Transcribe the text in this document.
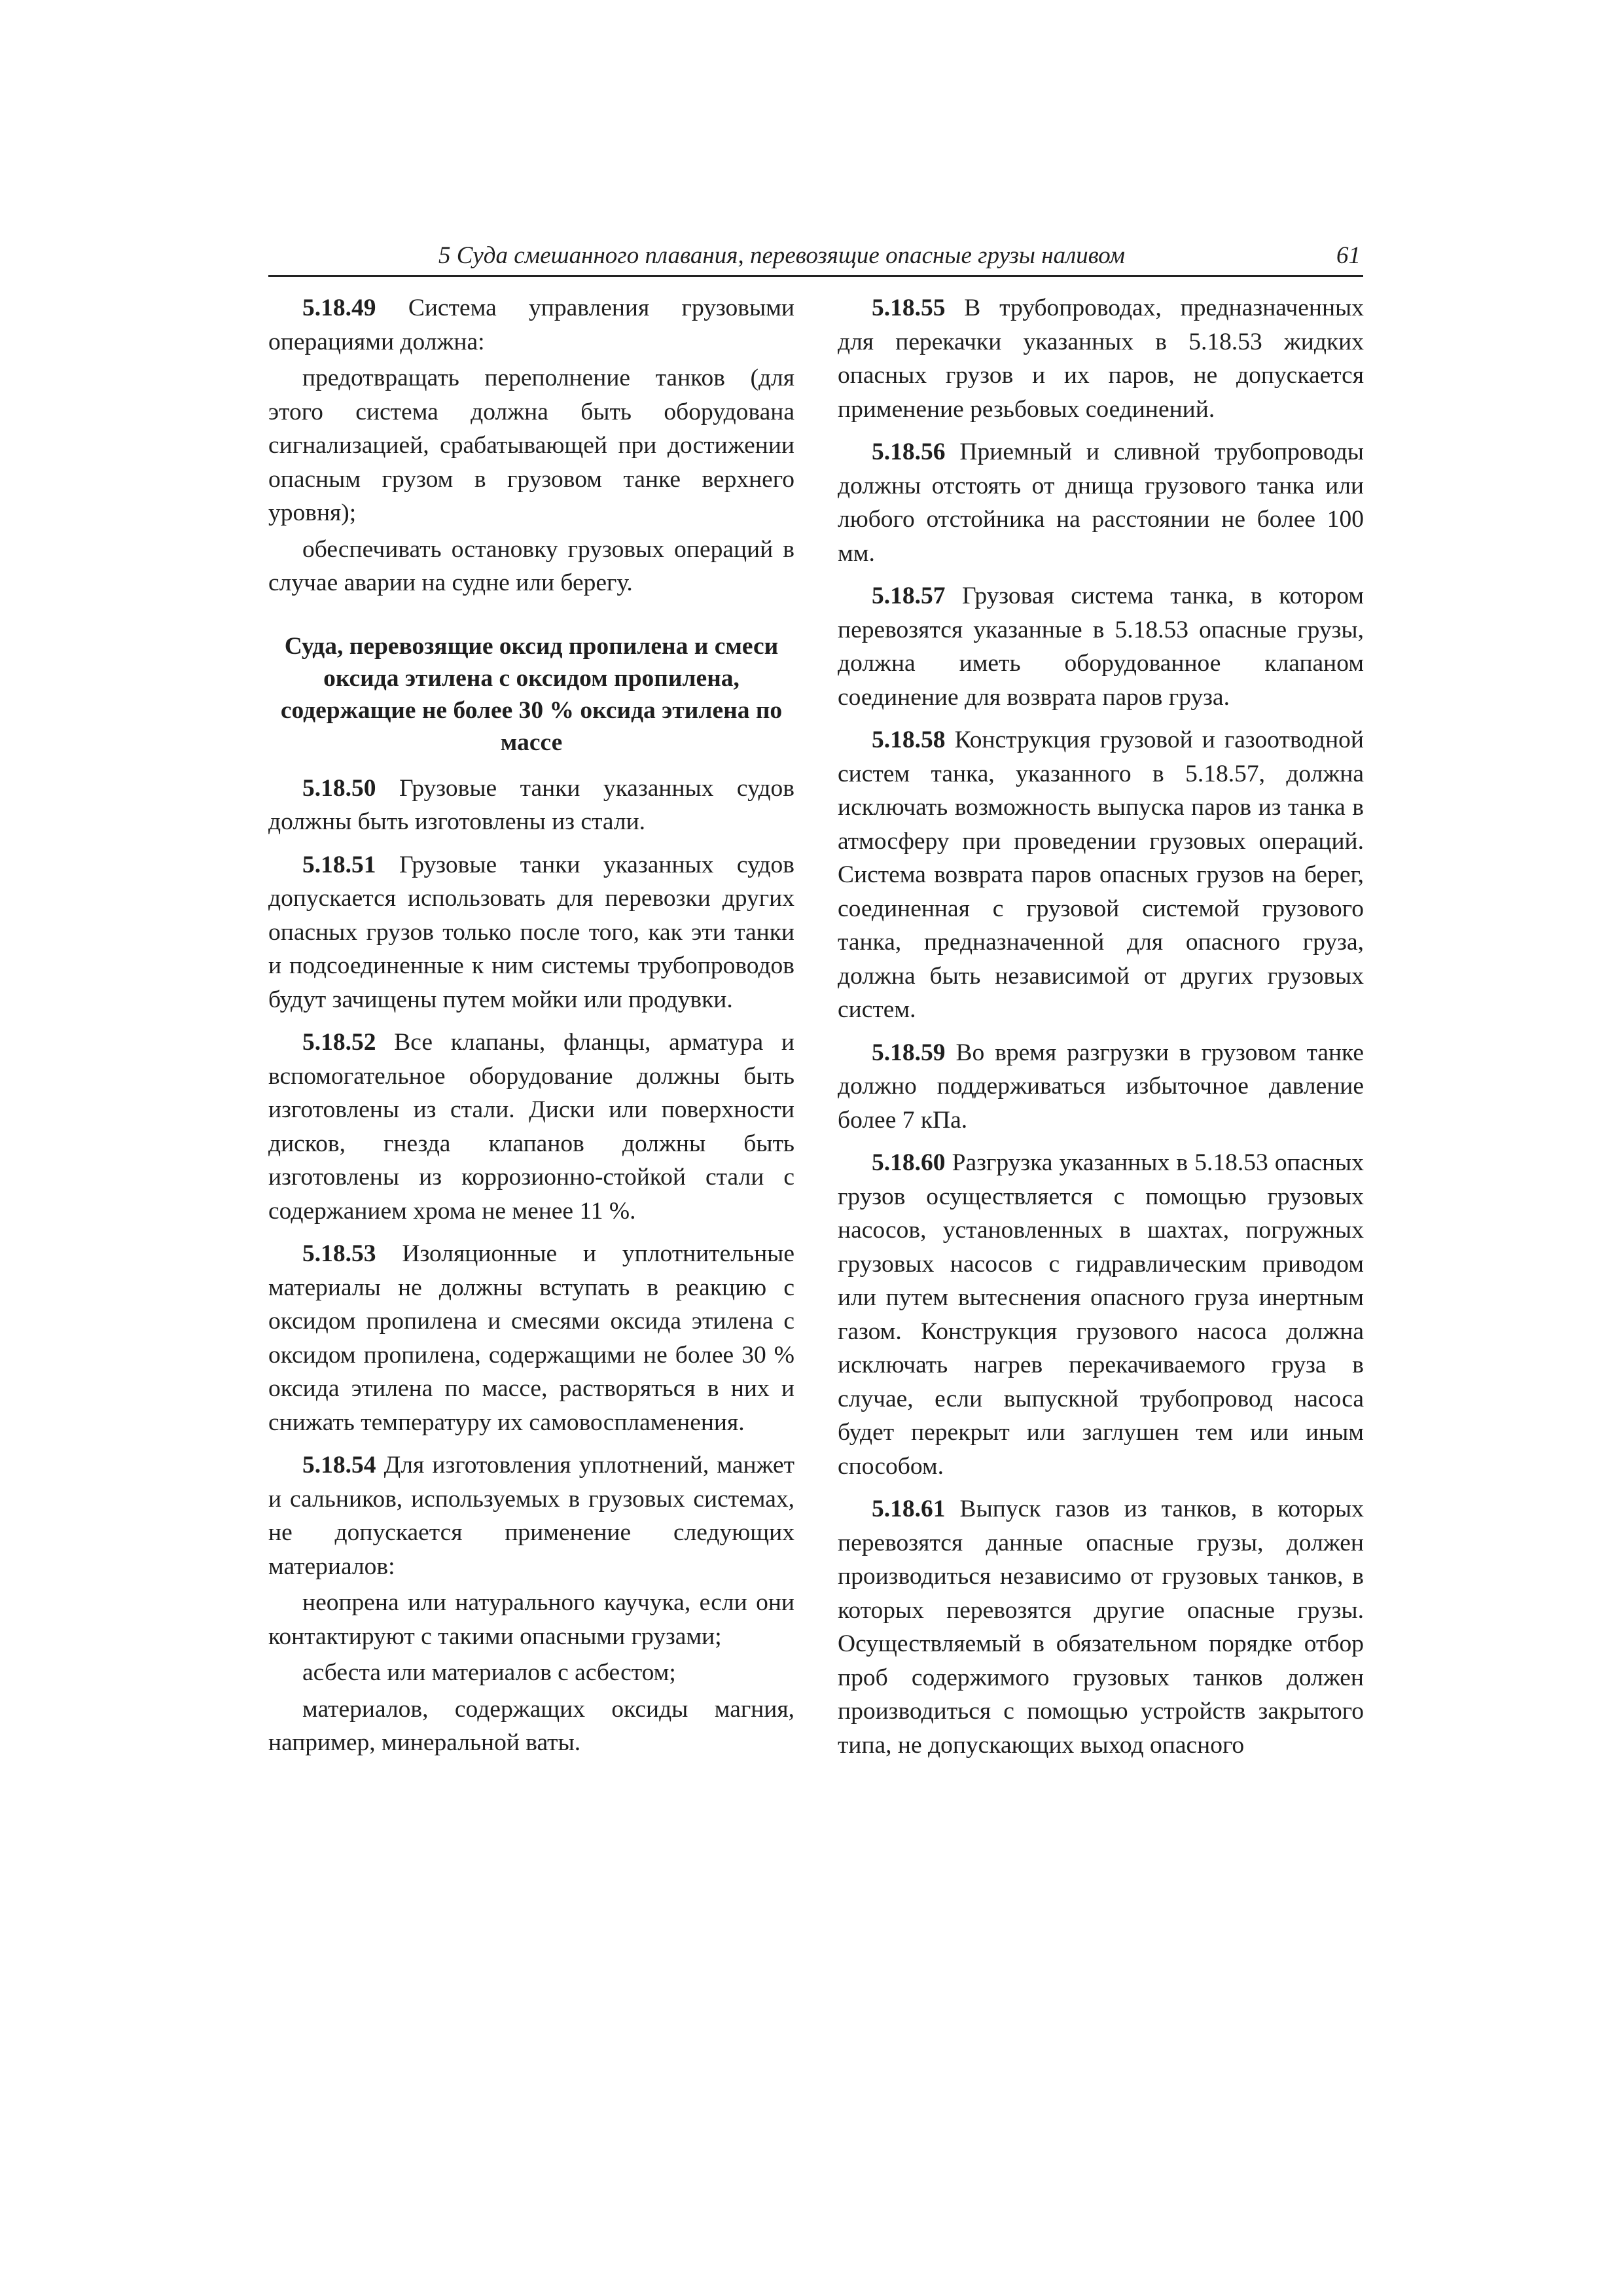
5 Суда смешанного плавания, перевозящие опасные грузы наливом	61

5.18.49 Система управления грузовыми операциями должна:

предотвращать переполнение танков (для этого система должна быть оборудована сигнализацией, срабатывающей при достижении опасным грузом в грузовом танке верхнего уровня);

обеспечивать остановку грузовых операций в случае аварии на судне или берегу.

Суда, перевозящие оксид пропилена и смеси оксида этилена с оксидом пропилена, содержащие не более 30 % оксида этилена по массе

5.18.50 Грузовые танки указанных судов должны быть изготовлены из стали.

5.18.51 Грузовые танки указанных судов допускается использовать для перевозки других опасных грузов только после того, как эти танки и подсоединенные к ним системы трубопроводов будут зачищены путем мойки или продувки.

5.18.52 Все клапаны, фланцы, арматура и вспомогательное оборудование должны быть изготовлены из стали. Диски или поверхности дисков, гнезда клапанов должны быть изготовлены из коррозионно-стойкой стали с содержанием хрома не менее 11 %.

5.18.53 Изоляционные и уплотнительные материалы не должны вступать в реакцию с оксидом пропилена и смесями оксида этилена с оксидом пропилена, содержащими не более 30 % оксида этилена по массе, растворяться в них и снижать температуру их самовоспламенения.

5.18.54 Для изготовления уплотнений, манжет и сальников, используемых в грузовых системах, не допускается применение следующих материалов:

неопрена или натурального каучука, если они контактируют с такими опасными грузами;

асбеста или материалов с асбестом;

материалов, содержащих оксиды магния, например, минеральной ваты.

5.18.55 В трубопроводах, предназначенных для перекачки указанных в 5.18.53 жидких опасных грузов и их паров, не допускается применение резьбовых соединений.

5.18.56 Приемный и сливной трубопроводы должны отстоять от днища грузового танка или любого отстойника на расстоянии не более 100 мм.

5.18.57 Грузовая система танка, в котором перевозятся указанные в 5.18.53 опасные грузы, должна иметь оборудованное клапаном соединение для возврата паров груза.

5.18.58 Конструкция грузовой и газоотводной систем танка, указанного в 5.18.57, должна исключать возможность выпуска паров из танка в атмосферу при проведении грузовых операций. Система возврата паров опасных грузов на берег, соединенная с грузовой системой грузового танка, предназначенной для опасного груза, должна быть независимой от других грузовых систем.

5.18.59 Во время разгрузки в грузовом танке должно поддерживаться избыточное давление более 7 кПа.

5.18.60 Разгрузка указанных в 5.18.53 опасных грузов осуществляется с помощью грузовых насосов, установленных в шахтах, погружных грузовых насосов с гидравлическим приводом или путем вытеснения опасного груза инертным газом. Конструкция грузового насоса должна исключать нагрев перекачиваемого груза в случае, если выпускной трубопровод насоса будет перекрыт или заглушен тем или иным способом.

5.18.61 Выпуск газов из танков, в которых перевозятся данные опасные грузы, должен производиться независимо от грузовых танков, в которых перевозятся другие опасные грузы. Осуществляемый в обязательном порядке отбор проб содержимого грузовых танков должен производиться с помощью устройств закрытого типа, не допускающих выход опасного
